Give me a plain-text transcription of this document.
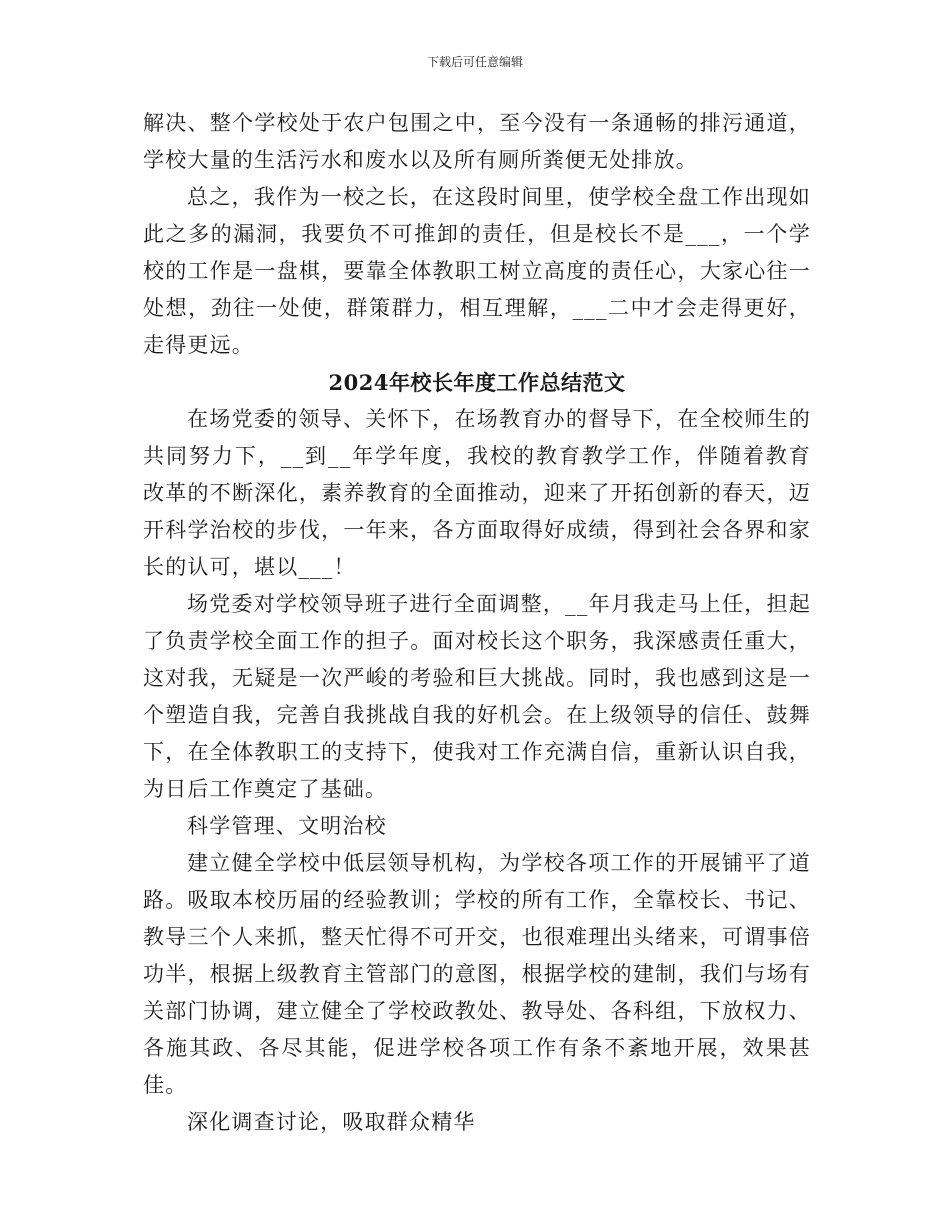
下载后可任意编辑

解决、整个学校处于农户包围之中，至今没有一条通畅的排污通道，学校大量的生活污水和废水以及所有厕所粪便无处排放。

总之，我作为一校之长，在这段时间里，使学校全盘工作出现如此之多的漏洞，我要负不可推卸的责任，但是校长不是___，一个学校的工作是一盘棋，要靠全体教职工树立高度的责任心，大家心往一处想，劲往一处使，群策群力，相互理解，___二中才会走得更好，走得更远。

2024年校长年度工作总结范文

在场党委的领导、关怀下，在场教育办的督导下，在全校师生的共同努力下，__到__年学年度，我校的教育教学工作，伴随着教育改革的不断深化，素养教育的全面推动，迎来了开拓创新的春天，迈开科学治校的步伐，一年来，各方面取得好成绩，得到社会各界和家长的认可，堪以___！

场党委对学校领导班子进行全面调整，__年月我走马上任，担起了负责学校全面工作的担子。面对校长这个职务，我深感责任重大，这对我，无疑是一次严峻的考验和巨大挑战。同时，我也感到这是一个塑造自我，完善自我挑战自我的好机会。在上级领导的信任、鼓舞下，在全体教职工的支持下，使我对工作充满自信，重新认识自我，为日后工作奠定了基础。

科学管理、文明治校

建立健全学校中低层领导机构，为学校各项工作的开展铺平了道路。吸取本校历届的经验教训；学校的所有工作，全靠校长、书记、教导三个人来抓，整天忙得不可开交，也很难理出头绪来，可谓事倍功半，根据上级教育主管部门的意图，根据学校的建制，我们与场有关部门协调，建立健全了学校政教处、教导处、各科组，下放权力、各施其政、各尽其能，促进学校各项工作有条不紊地开展，效果甚佳。

深化调查讨论，吸取群众精华
